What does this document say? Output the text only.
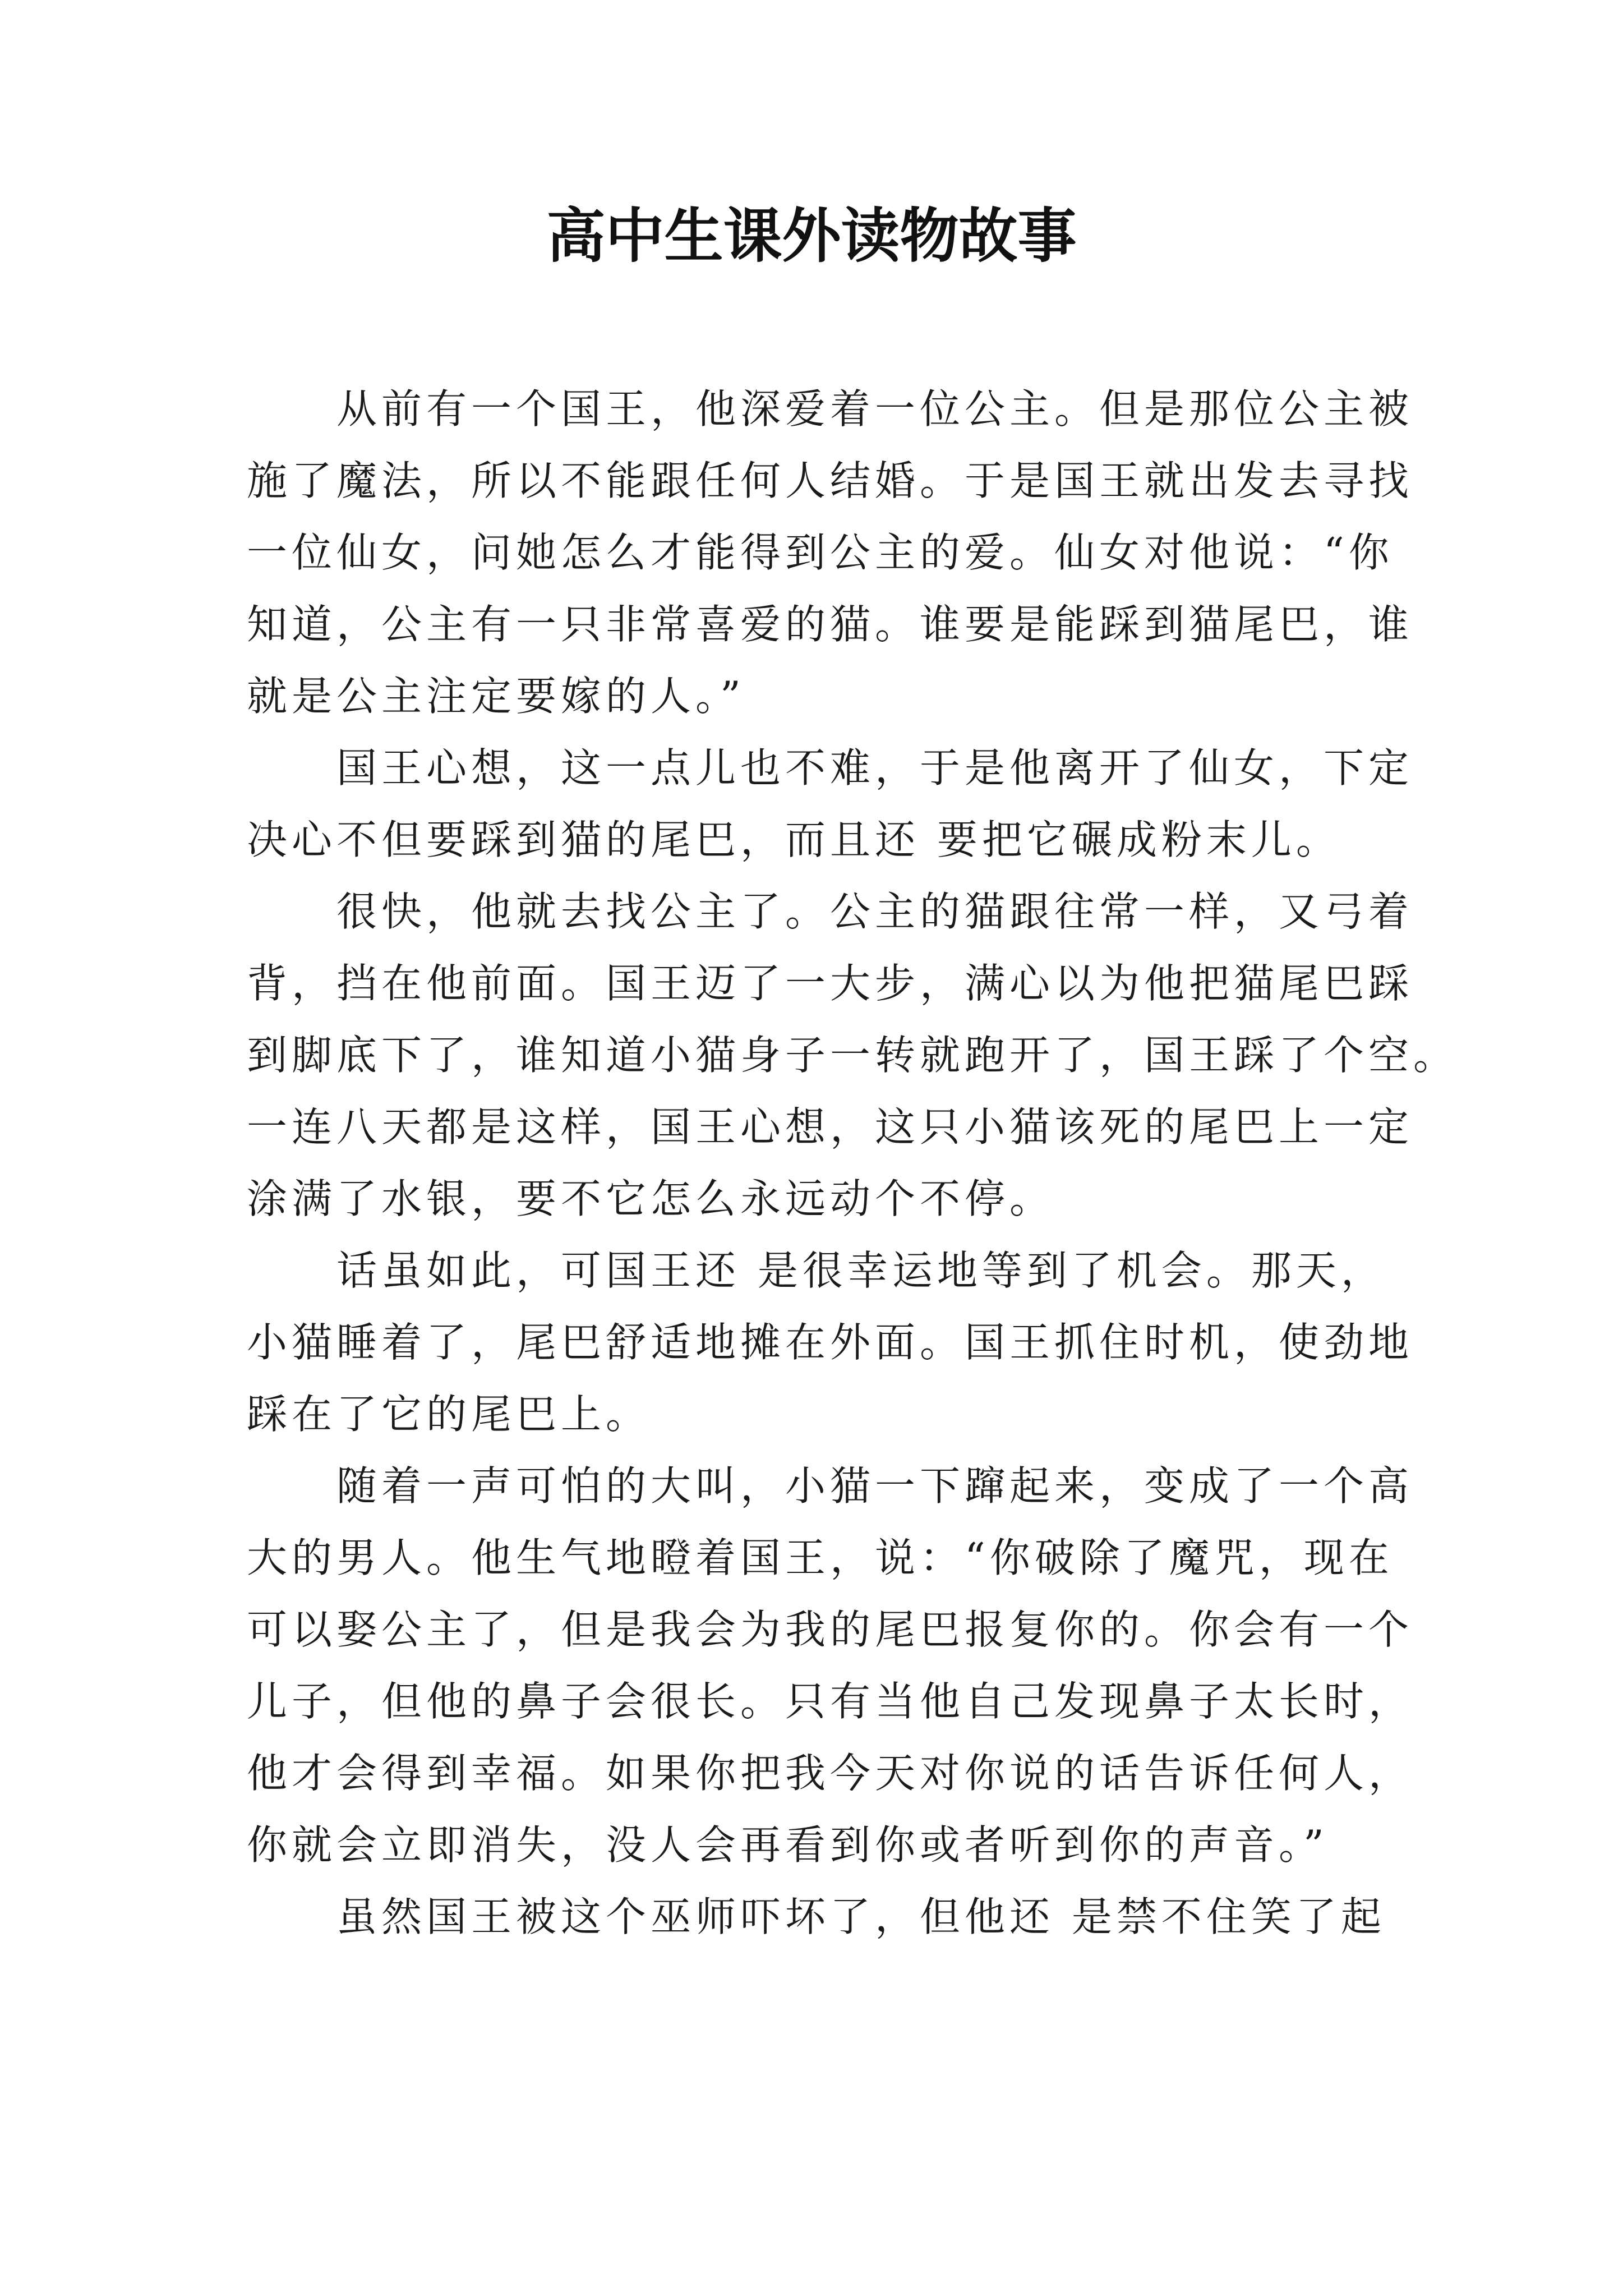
高中生课外读物故事
从前有一个国王，他深爱着一位公主。但是那位公主被
施了魔法，所以不能跟任何人结婚。于是国王就出发去寻找
一位仙女，问她怎么才能得到公主的爱。仙女对他说：“你
知道，公主有一只非常喜爱的猫。谁要是能踩到猫尾巴，谁
就是公主注定要嫁的人。”
国王心想，这一点儿也不难，于是他离开了仙女，下定
决心不但要踩到猫的尾巴，而且还 要把它碾成粉末儿。
很快，他就去找公主了。公主的猫跟往常一样，又弓着
背，挡在他前面。国王迈了一大步，满心以为他把猫尾巴踩
到脚底下了，谁知道小猫身子一转就跑开了，国王踩了个空。
一连八天都是这样，国王心想，这只小猫该死的尾巴上一定
涂满了水银，要不它怎么永远动个不停。
话虽如此，可国王还 是很幸运地等到了机会。那天，
小猫睡着了，尾巴舒适地摊在外面。国王抓住时机，使劲地
踩在了它的尾巴上。
随着一声可怕的大叫，小猫一下蹿起来，变成了一个高
大的男人。他生气地瞪着国王，说：“你破除了魔咒，现在
可以娶公主了，但是我会为我的尾巴报复你的。你会有一个
儿子，但他的鼻子会很长。只有当他自己发现鼻子太长时，
他才会得到幸福。如果你把我今天对你说的话告诉任何人，
你就会立即消失，没人会再看到你或者听到你的声音。”
虽然国王被这个巫师吓坏了，但他还 是禁不住笑了起
